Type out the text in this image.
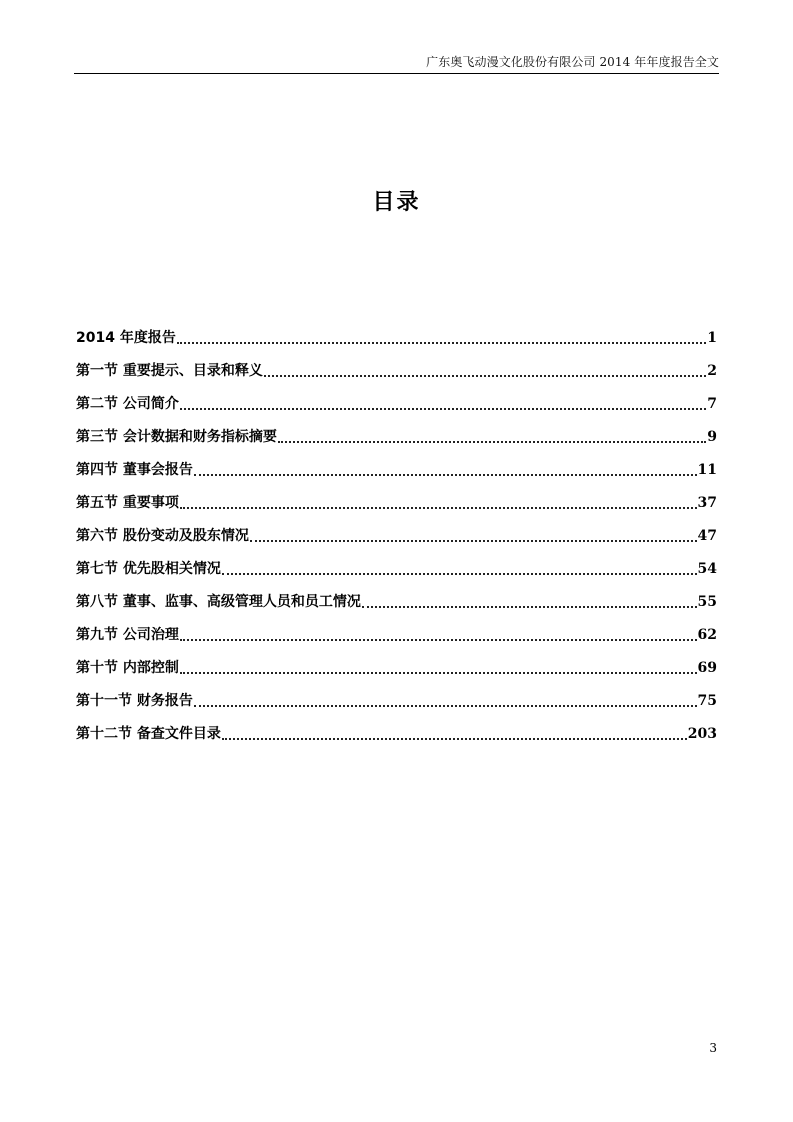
广东奥飞动漫文化股份有限公司 2014 年年度报告全文
目录
2014 年度报告	1
第一节 重要提示、目录和释义	2
第二节 公司简介	7
第三节 会计数据和财务指标摘要	9
第四节 董事会报告	11
第五节 重要事项	37
第六节 股份变动及股东情况	47
第七节 优先股相关情况	54
第八节 董事、监事、高级管理人员和员工情况	55
第九节 公司治理	62
第十节 内部控制	69
第十一节 财务报告	75
第十二节 备查文件目录	203
3
